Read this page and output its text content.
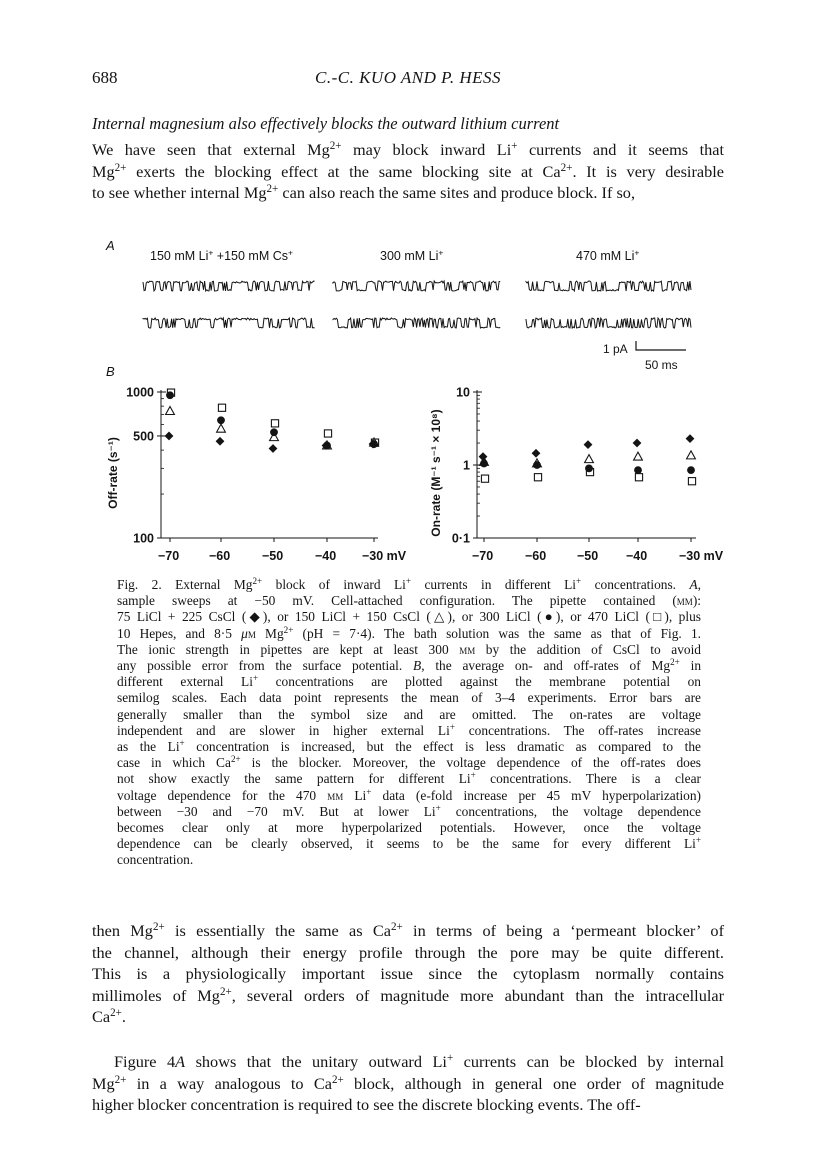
688	C.-C. KUO AND P. HESS
Internal magnesium also effectively blocks the outward lithium current
We have seen that external $Mg^{2+}$ may block inward Li+ currents and it seems that
$Mg^{2+}$ exerts the blocking effect at the same blocking site at $Ca^{2+}$. It is very desirable
to see whether internal $Mg^{2+}$ can also reach the same sites and produce block. If so,
A
150 mM Li+ +150 mM Cs+	300 mM Li+	470 mM Li+
1 pA
50 ms
B
1000
500
100
−70 −60	−50	−40 −30 mV
Off-rate (s⁻¹)
10
1
0·1
−70	−60 −50 −40	−30 mV
On-rate (M⁻¹ s⁻¹ × 10⁸)
Fig. 2. External $Mg^{2+}$ block of inward Li+ currents in different Li+ concentrations. A,
sample sweeps at −50 mV. Cell-attached configuration. The pipette contained (mm):
75 LiCl + 225 CsCl (◆), or 150 LiCl + 150 CsCl (△), or 300 LiCl (●), or 470 LiCl (□), plus
10 Hepes, and 8·5 μm $Mg^{2+}$ (pH = 7·4). The bath solution was the same as that of Fig. 1.
The ionic strength in pipettes are kept at least 300 mm by the addition of CsCl to avoid
any possible error from the surface potential. B, the average on- and off-rates of $Mg^{2+}$ in
different external Li+ concentrations are plotted against the membrane potential on
semilog scales. Each data point represents the mean of 3–4 experiments. Error bars are
generally smaller than the symbol size and are omitted. The on-rates are voltage
independent and are slower in higher external Li+ concentrations. The off-rates increase
as the Li+ concentration is increased, but the effect is less dramatic as compared to the
case in which $Ca^{2+}$ is the blocker. Moreover, the voltage dependence of the off-rates does
not show exactly the same pattern for different Li+ concentrations. There is a clear
voltage dependence for the 470 mm Li+ data (e-fold increase per 45 mV hyperpolarization)
between −30 and −70 mV. But at lower Li+ concentrations, the voltage dependence
becomes clear only at more hyperpolarized potentials. However, once the voltage
dependence can be clearly observed, it seems to be the same for every different Li+
concentration.
then $Mg^{2+}$ is essentially the same as $Ca^{2+}$ in terms of being a ‘permeant blocker’ of
the channel, although their energy profile through the pore may be quite different.
This is a physiologically important issue since the cytoplasm normally contains
millimoles of $Mg^{2+}$, several orders of magnitude more abundant than the intracellular
$Ca^{2+}$.
Figure 4A shows that the unitary outward Li+ currents can be blocked by internal
$Mg^{2+}$ in a way analogous to $Ca^{2+}$ block, although in general one order of magnitude
higher blocker concentration is required to see the discrete blocking events. The off-
